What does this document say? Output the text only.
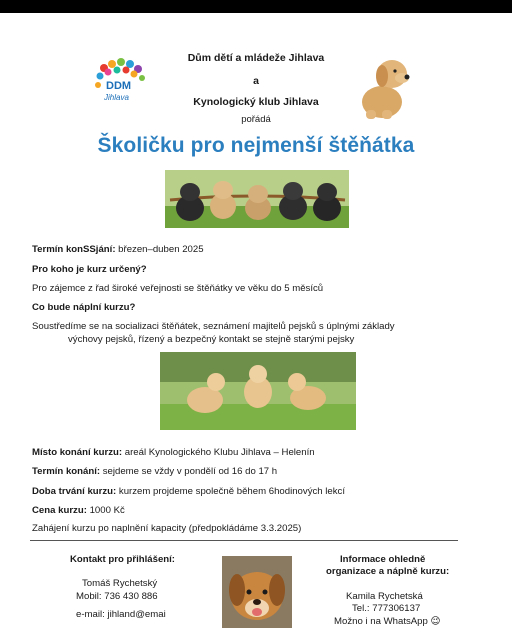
DDM
Jihlava
Dům dětí a mládeže Jihlava
a
Kynologický klub Jihlava
pořádá
Školičku pro nejmenší štěňátka
Termín konSSjání: březen–duben 2025
Pro koho je kurz určený?
Pro zájemce z řad široké veřejnosti se štěňátky ve věku do 5 měsíců
Co bude náplní kurzu?
Soustředíme se na socializaci štěňátek, seznámení majitelů pejsků s úplnými základy
výchovy pejsků, řízený a bezpečný kontakt se stejně starými pejsky
Místo konání kurzu: areál Kynologického Klubu Jihlava – Helenín
Termín konání: sejdeme se vždy v pondělí od 16 do 17 h
Doba trvání kurzu: kurzem projdeme společně během 6hodinových lekcí
Cena kurzu: 1000 Kč
Zahájení kurzu po naplnění kapacity (předpokládáme 3.3.2025)
Kontakt pro přihlášení:
Tomáš Rychetský
Mobil: 736 430 886
e-mail: jihland@emai
Informace ohledně
organizace a náplně kurzu:
Kamila Rychetská
Tel.: 777306137
Možno i na WhatsApp 😉
